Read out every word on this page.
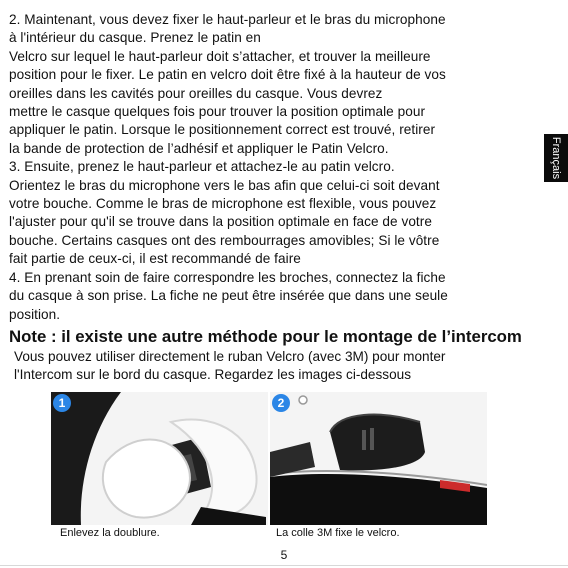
2. Maintenant, vous devez fixer le haut-parleur et le bras du microphone
à l'intérieur du casque. Prenez le patin en
Velcro sur lequel le haut-parleur doit s’attacher, et trouver la meilleure
position pour le fixer. Le patin en velcro doit être fixé à la hauteur de vos
oreilles dans les cavités pour oreilles du casque. Vous devrez
mettre le casque quelques fois pour trouver la position optimale pour
appliquer le patin. Lorsque le positionnement correct est trouvé, retirer
la bande de protection de l’adhésif et appliquer le Patin Velcro.

3. Ensuite, prenez le haut-parleur et attachez-le au patin velcro.
Orientez le bras du microphone vers le bas afin que celui-ci soit devant
votre bouche. Comme le bras de microphone est flexible, vous pouvez
l'ajuster pour qu'il se trouve dans la position optimale en face de votre
bouche. Certains casques ont des rembourrages amovibles; Si le vôtre
fait partie de ceux-ci, il est recommandé de faire

4. En prenant soin de faire correspondre les broches, connectez la fiche
du casque à son prise. La fiche ne peut être insérée que dans une seule
position.

Note : il existe une autre méthode pour le montage de l’intercom

Vous pouvez utiliser directement le ruban Velcro (avec 3M) pour monter
l'Intercom sur le bord du casque. Regardez les images ci-dessous

Français
1	2
Enlevez la doublure.	La colle 3M fixe le velcro.
5
